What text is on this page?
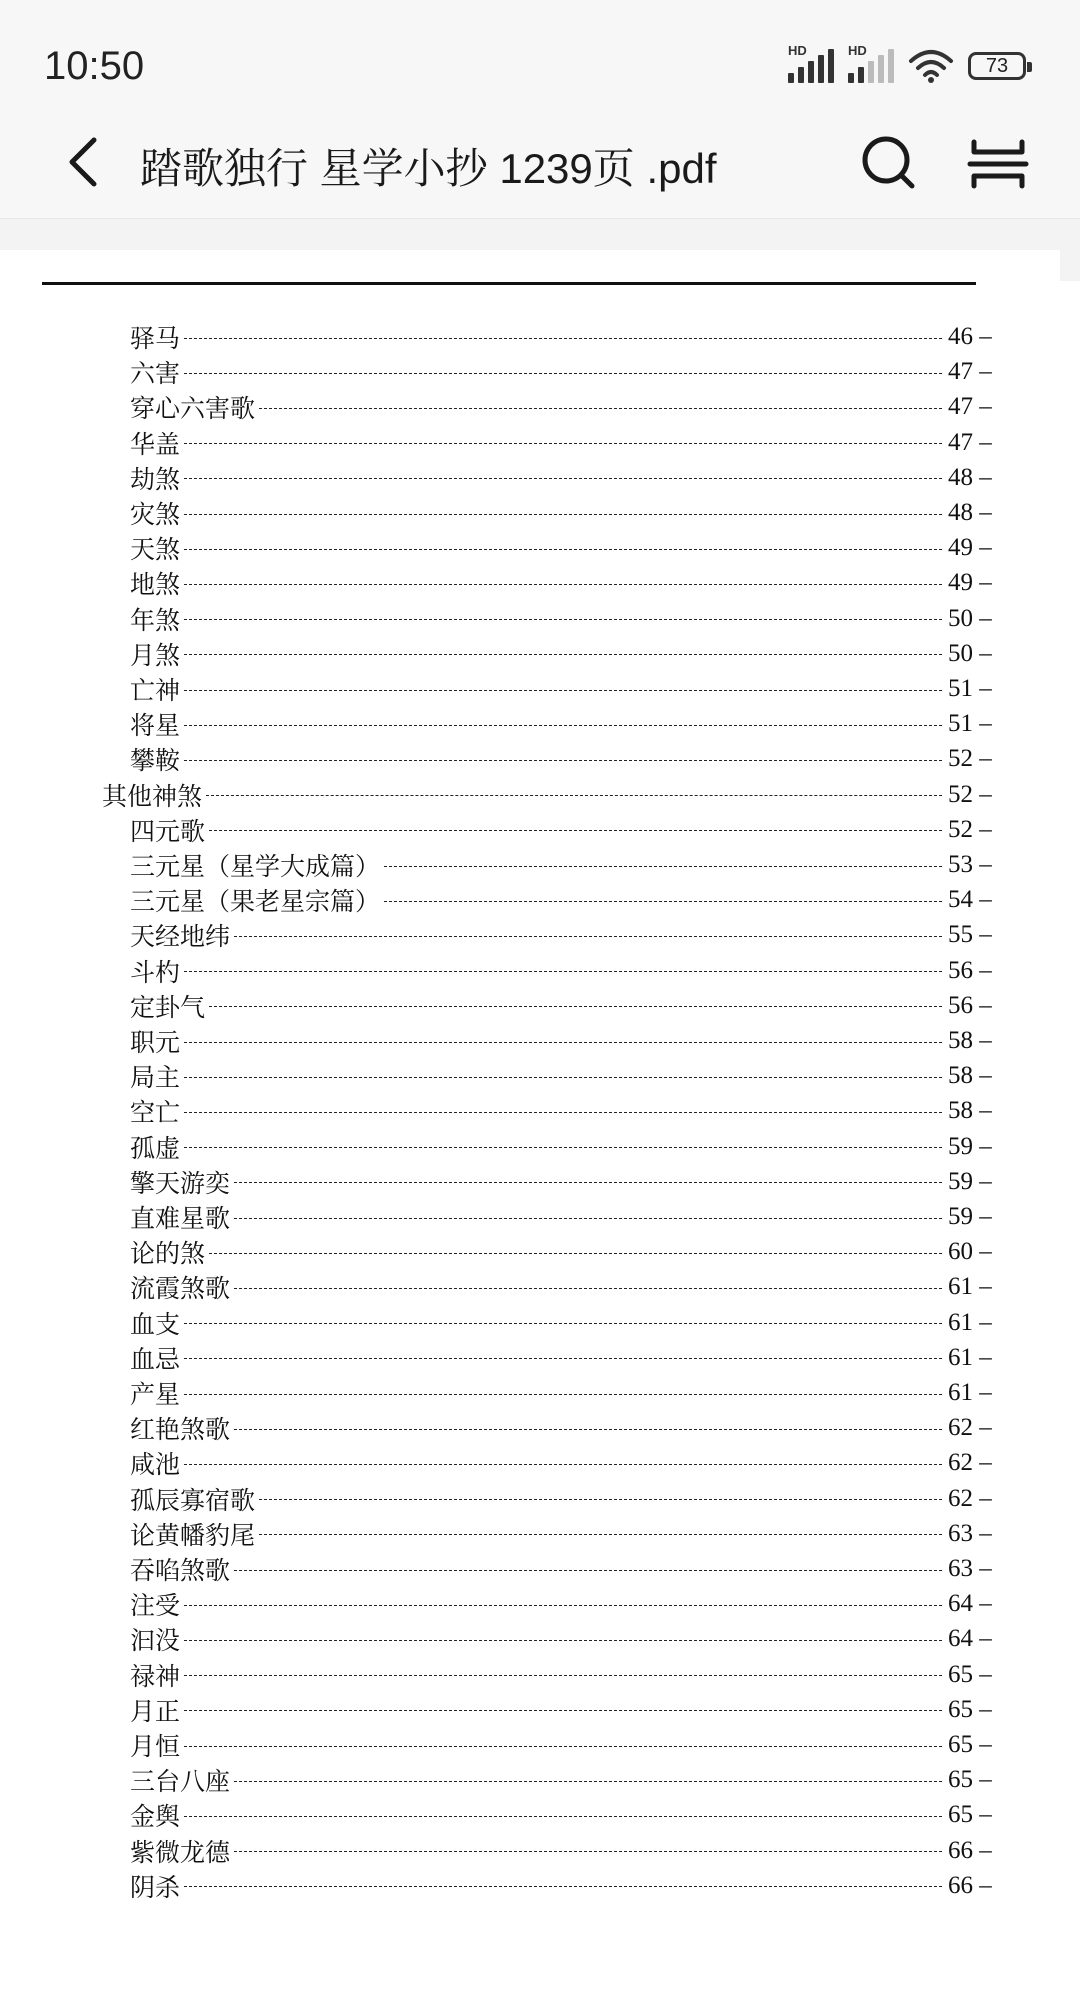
10:50	HD	HD
73
踏歌独行 星学小抄 1239页 .pdf
驿马	46 –
六害	47 –
穿心六害歌	47 –
华盖	47 –
劫煞	48 –
灾煞	48 –
天煞	49 –
地煞	49 –
年煞	50 –
月煞	50 –
亡神	51 –
将星	51 –
攀鞍	52 –
其他神煞	52 –
四元歌	52 –
三元星（星学大成篇）	53 –
三元星（果老星宗篇）	54 –
天经地纬	55 –
斗杓	56 –
定卦气	56 –
职元	58 –
局主	58 –
空亡	58 –
孤虚	59 –
擎天游奕	59 –
直难星歌	59 –
论的煞	60 –
流霞煞歌	61 –
血支	61 –
血忌	61 –
产星	61 –
红艳煞歌	62 –
咸池	62 –
孤辰寡宿歌	62 –
论黄幡豹尾	63 –
吞啗煞歌	63 –
注受	64 –
汩没	64 –
禄神	65 –
月正	65 –
月恒	65 –
三台八座	65 –
金舆	65 –
紫微龙德	66 –
阴杀	66 –
